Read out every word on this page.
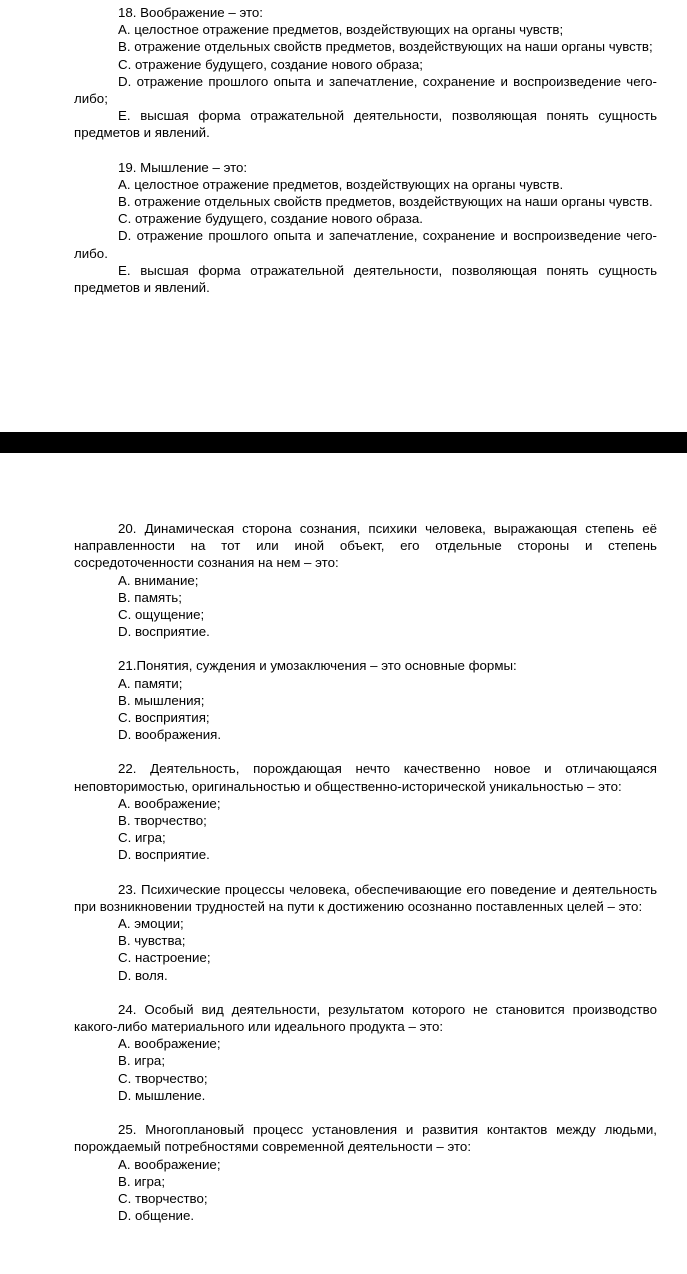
18. Воображение – это:

A. целостное отражение предметов, воздействующих на органы чувств;

B. отражение отдельных свойств предметов, воздействующих на наши органы чувств;

C. отражение будущего, создание нового образа;

D. отражение прошлого опыта и запечатление, сохранение и воспроизведение чего-либо;

E. высшая форма отражательной деятельности, позволяющая понять сущность предметов и явлений.

19. Мышление – это:

A. целостное отражение предметов, воздействующих на органы чувств.

B. отражение отдельных свойств предметов, воздействующих на наши органы чувств.

C. отражение будущего, создание нового образа.

D. отражение прошлого опыта и запечатление, сохранение и воспроизведение чего-либо.

E. высшая форма отражательной деятельности, позволяющая понять сущность предметов и явлений.

20. Динамическая сторона сознания, психики человека, выражающая степень её направленности на тот или иной объект, его отдельные стороны и степень сосредоточенности сознания на нем – это:

A. внимание;

B. память;

C. ощущение;

D. восприятие.

21.Понятия, суждения и умозаключения – это основные формы:

A. памяти;

B. мышления;

C. восприятия;

D. воображения.

22. Деятельность, порождающая нечто качественно новое и отличающаяся неповторимостью, оригинальностью и общественно-исторической уникальностью – это:

A. воображение;

B. творчество;

C. игра;

D. восприятие.

23. Психические процессы человека, обеспечивающие его поведение и деятельность при возникновении трудностей на пути к достижению осознанно поставленных целей – это:

A. эмоции;

B. чувства;

C. настроение;

D. воля.

24. Особый вид деятельности, результатом которого не становится производство какого-либо материального или идеального продукта – это:

A. воображение;

B. игра;

C. творчество;

D. мышление.

25. Многоплановый процесс установления и развития контактов между людьми, порождаемый потребностями современной деятельности – это:

A. воображение;

B. игра;

C. творчество;

D. общение.
